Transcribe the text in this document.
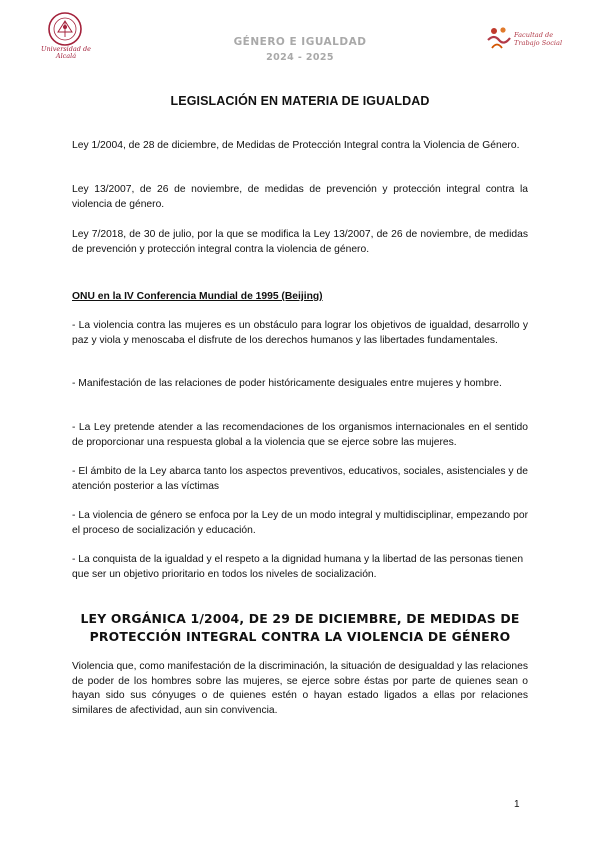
Universidad de Alcalá
GÉNERO E IGUALDAD
2024 - 2025
Facultad de
Trabajo Social
LEGISLACIÓN EN MATERIA DE IGUALDAD
Ley 1/2004, de 28 de diciembre, de Medidas de Protección Integral contra la Violencia de Género.
Ley 13/2007, de 26 de noviembre, de medidas de prevención y protección integral contra la violencia de género.
Ley 7/2018, de 30 de julio, por la que se modifica la Ley 13/2007, de 26 de noviembre, de medidas de prevención y protección integral contra la violencia de género.
ONU en la IV Conferencia Mundial de 1995 (Beijing)
- La violencia contra las mujeres es un obstáculo para lograr los objetivos de igualdad, desarrollo y paz y viola y menoscaba el disfrute de los derechos humanos y las libertades fundamentales.
- Manifestación de las relaciones de poder históricamente desiguales entre mujeres y hombre.
- La Ley pretende atender a las recomendaciones de los organismos internacionales en el sentido de proporcionar una respuesta global a la violencia que se ejerce sobre las mujeres.
- El ámbito de la Ley abarca tanto los aspectos preventivos, educativos, sociales, asistenciales y de atención posterior a las víctimas
- La violencia de género se enfoca por la Ley de un modo integral y multidisciplinar, empezando por el proceso de socialización y educación.
- La conquista de la igualdad y el respeto a la dignidad humana y la libertad de las personas tienen que ser un objetivo prioritario en todos los niveles de socialización.
LEY ORGÁNICA 1/2004, DE 29 DE DICIEMBRE, DE MEDIDAS DE
PROTECCIÓN INTEGRAL CONTRA LA VIOLENCIA DE GÉNERO
Violencia que, como manifestación de la discriminación, la situación de desigualdad y las relaciones de poder de los hombres sobre las mujeres, se ejerce sobre éstas por parte de quienes sean o hayan sido sus cónyuges o de quienes estén o hayan estado ligados a ellas por relaciones similares de afectividad, aun sin convivencia.
1
